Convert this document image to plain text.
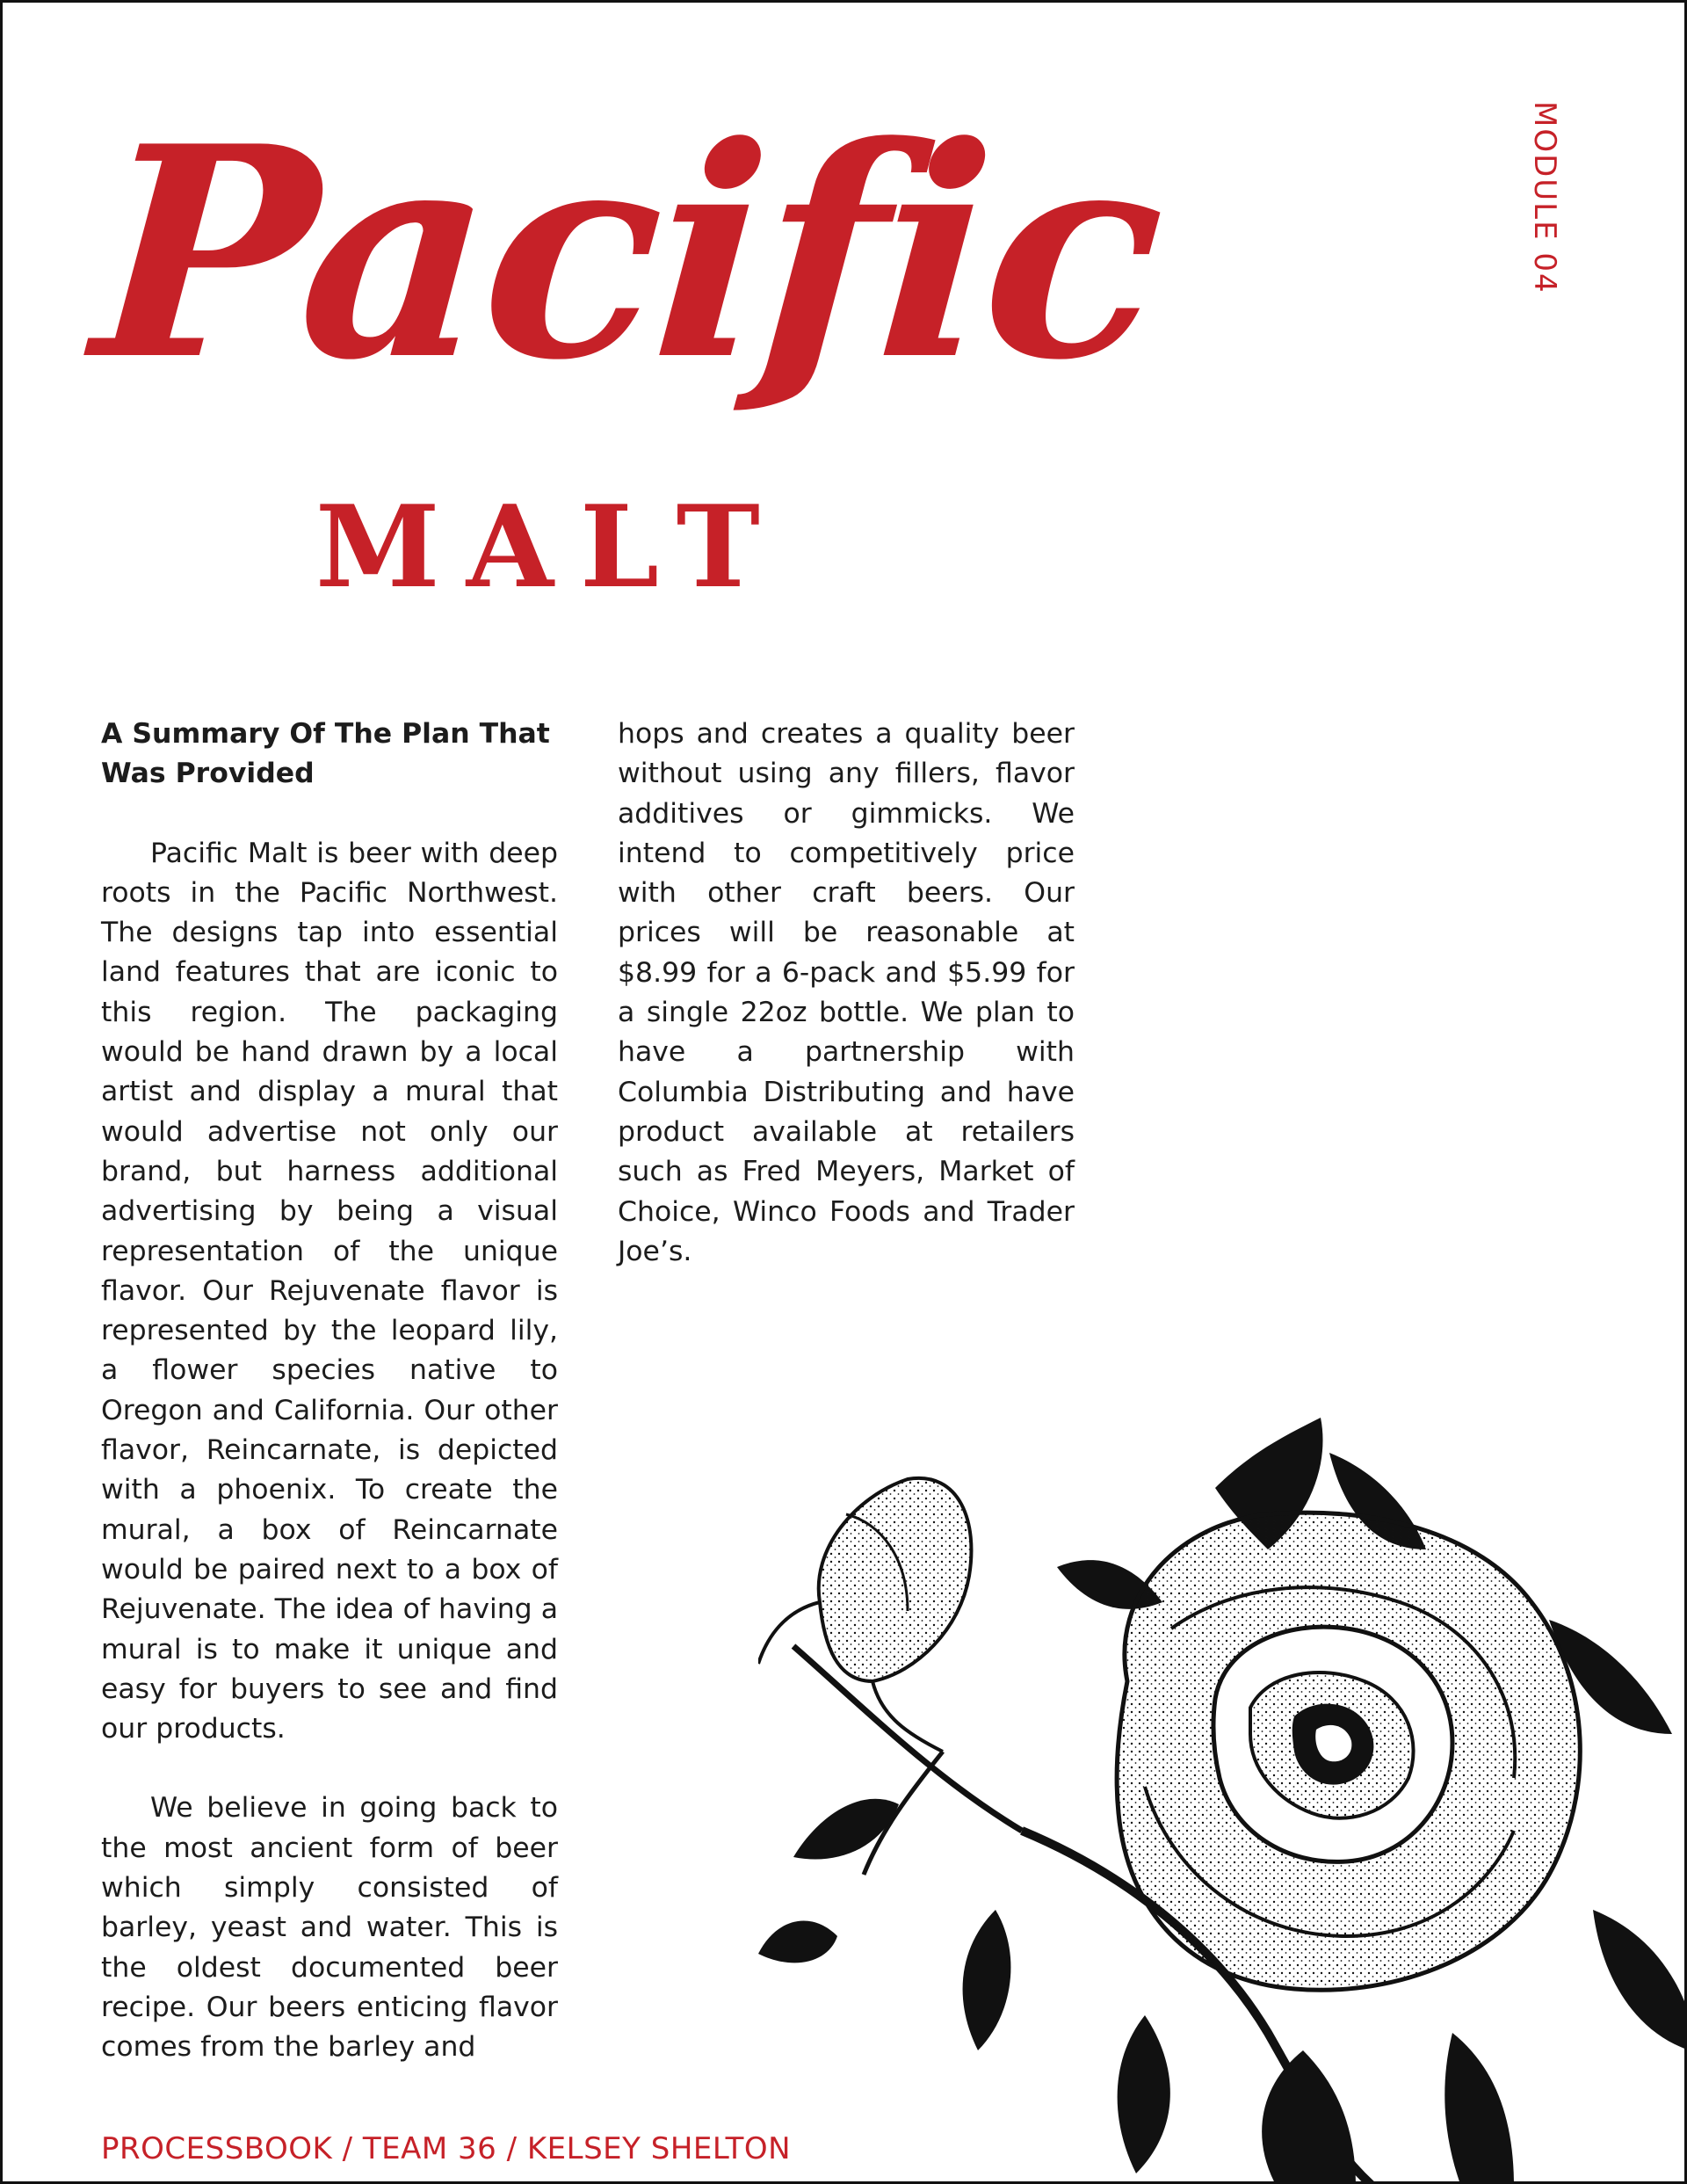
Pacific
MALT
MODULE 04
A Summary Of The Plan That Was Provided

Pacific Malt is beer with deep roots in the Pacific Northwest. The designs tap into essential land features that are iconic to this region. The packaging would be hand drawn by a local artist and display a mural that would advertise not only our brand, but harness additional advertising by being a visual representation of the unique flavor. Our Rejuvenate flavor is represented by the leopard lily, a flower species native to Oregon and California. Our other flavor, Reincarnate, is depicted with a phoenix. To create the mural, a box of Reincarnate would be paired next to a box of Rejuvenate. The idea of having a mural is to make it unique and easy for buyers to see and find our products.

We believe in going back to the most ancient form of beer which simply consisted of barley, yeast and water. This is the oldest documented beer recipe. Our beers enticing flavor comes from the barley and

hops and creates a quality beer without using any fillers, flavor additives or gimmicks. We intend to competitively price with other craft beers. Our prices will be reasonable at $8.99 for a 6-pack and $5.99 for a single 22oz bottle. We plan to have a partnership with Columbia Distributing and have product available at retailers such as Fred Meyers, Market of Choice, Winco Foods and Trader Joe’s.

PROCESSBOOK / TEAM 36 / KELSEY SHELTON
